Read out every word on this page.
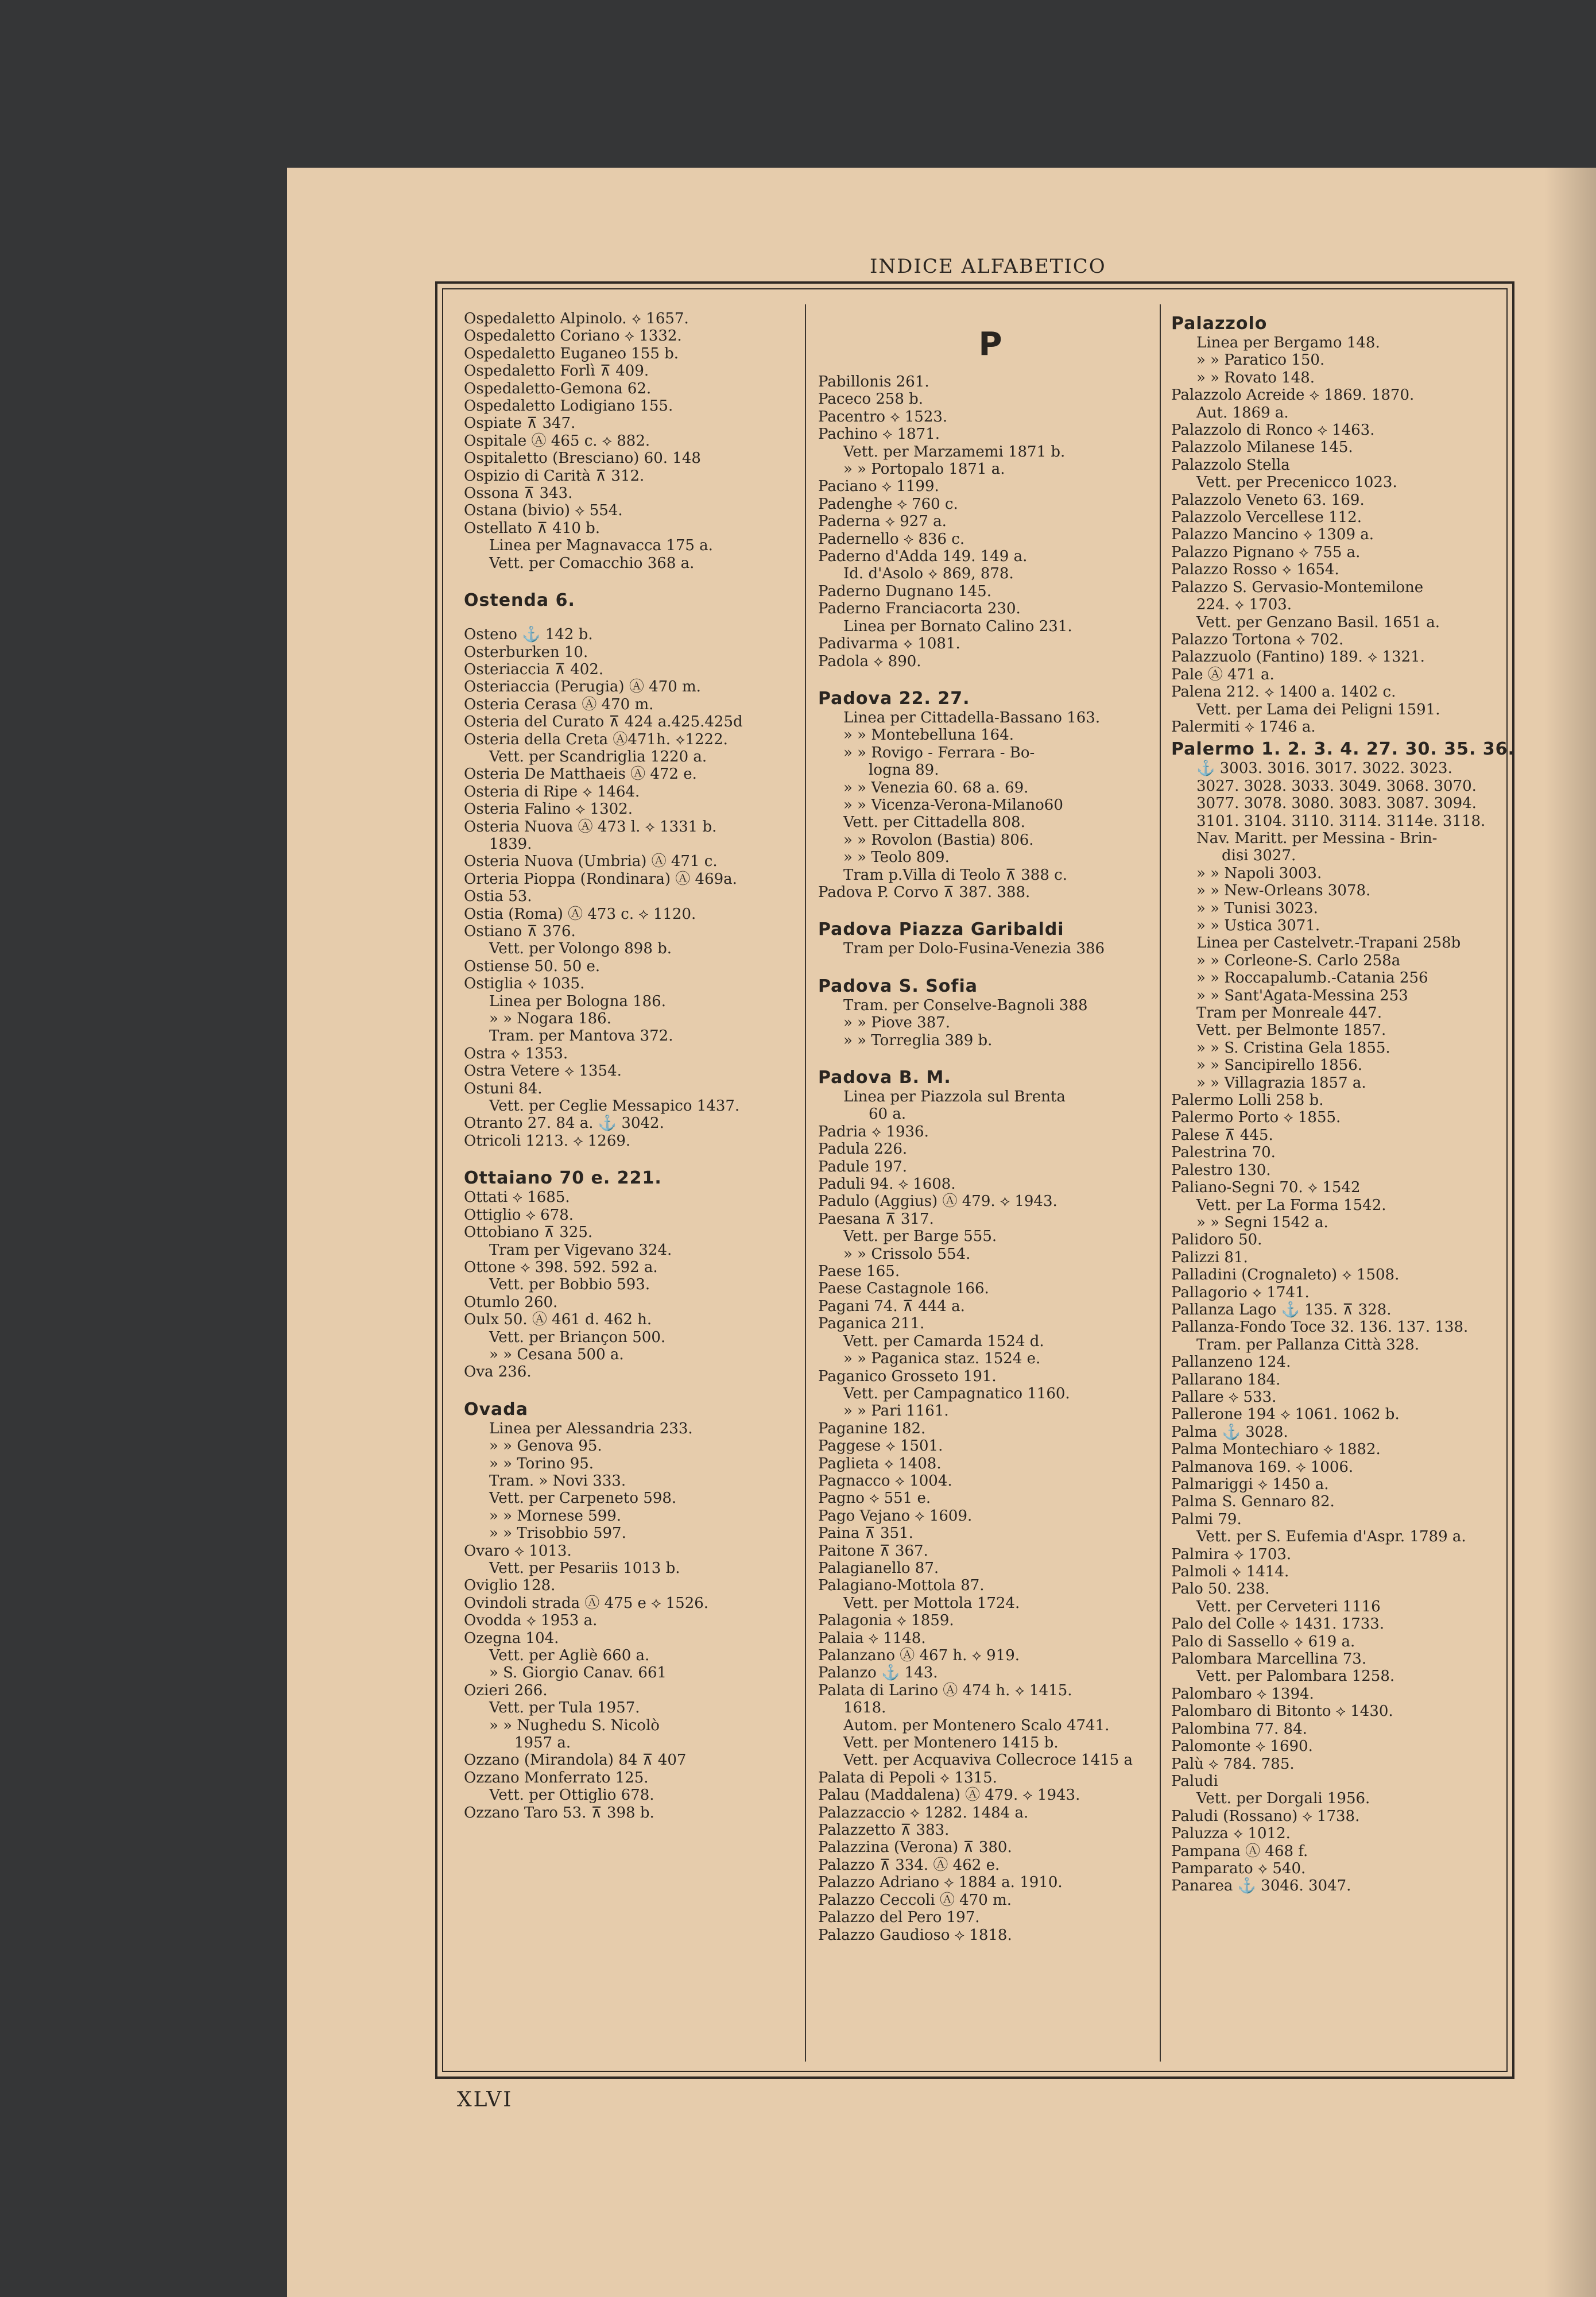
INDICE ALFABETICO
Ospedaletto Alpinolo. ⟡ 1657.
Ospedaletto Coriano ⟡ 1332.
Ospedaletto Euganeo 155 b.
Ospedaletto Forlì ⊼ 409.
Ospedaletto-Gemona 62.
Ospedaletto Lodigiano 155.
Ospiate ⊼ 347.
Ospitale Ⓐ 465 c. ⟡ 882.
Ospitaletto (Bresciano) 60. 148
Ospizio di Carità ⊼ 312.
Ossona ⊼ 343.
Ostana (bivio) ⟡ 554.
Ostellato ⊼ 410 b.
Linea per Magnavacca 175 a.
Vett. per Comacchio 368 a.
Ostenda 6.
Osteno ⚓ 142 b.
Osterburken 10.
Osteriaccia ⊼ 402.
Osteriaccia (Perugia) Ⓐ 470 m.
Osteria Cerasa Ⓐ 470 m.
Osteria del Curato ⊼ 424 a.425.425d
Osteria della Creta Ⓐ471h. ⟡1222.
Vett. per Scandriglia 1220 a.
Osteria De Matthaeis Ⓐ 472 e.
Osteria di Ripe ⟡ 1464.
Osteria Falino ⟡ 1302.
Osteria Nuova Ⓐ 473 l. ⟡ 1331 b.
1839.
Osteria Nuova (Umbria) Ⓐ 471 c.
Orteria Pioppa (Rondinara) Ⓐ 469a.
Ostia 53.
Ostia (Roma) Ⓐ 473 c. ⟡ 1120.
Ostiano ⊼ 376.
Vett. per Volongo 898 b.
Ostiense 50. 50 e.
Ostiglia ⟡ 1035.
Linea per Bologna 186.
» » Nogara 186.
Tram. per Mantova 372.
Ostra ⟡ 1353.
Ostra Vetere ⟡ 1354.
Ostuni 84.
Vett. per Ceglie Messapico 1437.
Otranto 27. 84 a. ⚓ 3042.
Otricoli 1213. ⟡ 1269.
Ottaiano 70 e. 221.
Ottati ⟡ 1685.
Ottiglio ⟡ 678.
Ottobiano ⊼ 325.
Tram per Vigevano 324.
Ottone ⟡ 398. 592. 592 a.
Vett. per Bobbio 593.
Otumlo 260.
Oulx 50. Ⓐ 461 d. 462 h.
Vett. per Briançon 500.
» » Cesana 500 a.
Ova 236.
Ovada
Linea per Alessandria 233.
» » Genova 95.
» » Torino 95.
Tram. » Novi 333.
Vett. per Carpeneto 598.
» » Mornese 599.
» » Trisobbio 597.
Ovaro ⟡ 1013.
Vett. per Pesariis 1013 b.
Oviglio 128.
Ovindoli strada Ⓐ 475 e ⟡ 1526.
Ovodda ⟡ 1953 a.
Ozegna 104.
Vett. per Agliè 660 a.
» S. Giorgio Canav. 661
Ozieri 266.
Vett. per Tula 1957.
» » Nughedu S. Nicolò
1957 a.
Ozzano (Mirandola) 84 ⊼ 407
Ozzano Monferrato 125.
Vett. per Ottiglio 678.
Ozzano Taro 53. ⊼ 398 b.
P
Pabillonis 261.
Paceco 258 b.
Pacentro ⟡ 1523.
Pachino ⟡ 1871.
Vett. per Marzamemi 1871 b.
» » Portopalo 1871 a.
Paciano ⟡ 1199.
Padenghe ⟡ 760 c.
Paderna ⟡ 927 a.
Padernello ⟡ 836 c.
Paderno d'Adda 149. 149 a.
Id. d'Asolo ⟡ 869, 878.
Paderno Dugnano 145.
Paderno Franciacorta 230.
Linea per Bornato Calino 231.
Padivarma ⟡ 1081.
Padola ⟡ 890.
Padova 22. 27.
Linea per Cittadella-Bassano 163.
» » Montebelluna 164.
» » Rovigo - Ferrara - Bo-
logna 89.
» » Venezia 60. 68 a. 69.
» » Vicenza-Verona-Milano60
Vett. per Cittadella 808.
» » Rovolon (Bastia) 806.
» » Teolo 809.
Tram p.Villa di Teolo ⊼ 388 c.
Padova P. Corvo ⊼ 387. 388.
Padova Piazza Garibaldi
Tram per Dolo-Fusina-Venezia 386
Padova S. Sofia
Tram. per Conselve-Bagnoli 388
» » Piove 387.
» » Torreglia 389 b.
Padova B. M.
Linea per Piazzola sul Brenta
60 a.
Padria ⟡ 1936.
Padula 226.
Padule 197.
Paduli 94. ⟡ 1608.
Padulo (Aggius) Ⓐ 479. ⟡ 1943.
Paesana ⊼ 317.
Vett. per Barge 555.
» » Crissolo 554.
Paese 165.
Paese Castagnole 166.
Pagani 74. ⊼ 444 a.
Paganica 211.
Vett. per Camarda 1524 d.
» » Paganica staz. 1524 e.
Paganico Grosseto 191.
Vett. per Campagnatico 1160.
» » Pari 1161.
Paganine 182.
Paggese ⟡ 1501.
Paglieta ⟡ 1408.
Pagnacco ⟡ 1004.
Pagno ⟡ 551 e.
Pago Vejano ⟡ 1609.
Paina ⊼ 351.
Paitone ⊼ 367.
Palagianello 87.
Palagiano-Mottola 87.
Vett. per Mottola 1724.
Palagonia ⟡ 1859.
Palaia ⟡ 1148.
Palanzano Ⓐ 467 h. ⟡ 919.
Palanzo ⚓ 143.
Palata di Larino Ⓐ 474 h. ⟡ 1415.
1618.
Autom. per Montenero Scalo 4741.
Vett. per Montenero 1415 b.
Vett. per Acquaviva Collecroce 1415 a
Palata di Pepoli ⟡ 1315.
Palau (Maddalena) Ⓐ 479. ⟡ 1943.
Palazzaccio ⟡ 1282. 1484 a.
Palazzetto ⊼ 383.
Palazzina (Verona) ⊼ 380.
Palazzo ⊼ 334. Ⓐ 462 e.
Palazzo Adriano ⟡ 1884 a. 1910.
Palazzo Ceccoli Ⓐ 470 m.
Palazzo del Pero 197.
Palazzo Gaudioso ⟡ 1818.
Palazzolo
Linea per Bergamo 148.
» » Paratico 150.
» » Rovato 148.
Palazzolo Acreide ⟡ 1869. 1870.
Aut. 1869 a.
Palazzolo di Ronco ⟡ 1463.
Palazzolo Milanese 145.
Palazzolo Stella
Vett. per Precenicco 1023.
Palazzolo Veneto 63. 169.
Palazzolo Vercellese 112.
Palazzo Mancino ⟡ 1309 a.
Palazzo Pignano ⟡ 755 a.
Palazzo Rosso ⟡ 1654.
Palazzo S. Gervasio-Montemilone
224. ⟡ 1703.
Vett. per Genzano Basil. 1651 a.
Palazzo Tortona ⟡ 702.
Palazzuolo (Fantino) 189. ⟡ 1321.
Pale Ⓐ 471 a.
Palena 212. ⟡ 1400 a. 1402 c.
Vett. per Lama dei Peligni 1591.
Palermiti ⟡ 1746 a.
Palermo 1. 2. 3. 4. 27. 30. 35. 36.
⚓ 3003. 3016. 3017. 3022. 3023.
3027. 3028. 3033. 3049. 3068. 3070.
3077. 3078. 3080. 3083. 3087. 3094.
3101. 3104. 3110. 3114. 3114e. 3118.
Nav. Maritt. per Messina - Brin-
disi 3027.
» » Napoli 3003.
» » New-Orleans 3078.
» » Tunisi 3023.
» » Ustica 3071.
Linea per Castelvetr.-Trapani 258b
» » Corleone-S. Carlo 258a
» » Roccapalumb.-Catania 256
» » Sant'Agata-Messina 253
Tram per Monreale 447.
Vett. per Belmonte 1857.
» » S. Cristina Gela 1855.
» » Sancipirello 1856.
» » Villagrazia 1857 a.
Palermo Lolli 258 b.
Palermo Porto ⟡ 1855.
Palese ⊼ 445.
Palestrina 70.
Palestro 130.
Paliano-Segni 70. ⟡ 1542
Vett. per La Forma 1542.
» » Segni 1542 a.
Palidoro 50.
Palizzi 81.
Palladini (Crognaleto) ⟡ 1508.
Pallagorio ⟡ 1741.
Pallanza Lago ⚓ 135. ⊼ 328.
Pallanza-Fondo Toce 32. 136. 137. 138.
Tram. per Pallanza Città 328.
Pallanzeno 124.
Pallarano 184.
Pallare ⟡ 533.
Pallerone 194 ⟡ 1061. 1062 b.
Palma ⚓ 3028.
Palma Montechiaro ⟡ 1882.
Palmanova 169. ⟡ 1006.
Palmariggi ⟡ 1450 a.
Palma S. Gennaro 82.
Palmi 79.
Vett. per S. Eufemia d'Aspr. 1789 a.
Palmira ⟡ 1703.
Palmoli ⟡ 1414.
Palo 50. 238.
Vett. per Cerveteri 1116
Palo del Colle ⟡ 1431. 1733.
Palo di Sassello ⟡ 619 a.
Palombara Marcellina 73.
Vett. per Palombara 1258.
Palombaro ⟡ 1394.
Palombaro di Bitonto ⟡ 1430.
Palombina 77. 84.
Palomonte ⟡ 1690.
Palù ⟡ 784. 785.
Paludi
Vett. per Dorgali 1956.
Paludi (Rossano) ⟡ 1738.
Paluzza ⟡ 1012.
Pampana Ⓐ 468 f.
Pamparato ⟡ 540.
Panarea ⚓ 3046. 3047.
XLVI
